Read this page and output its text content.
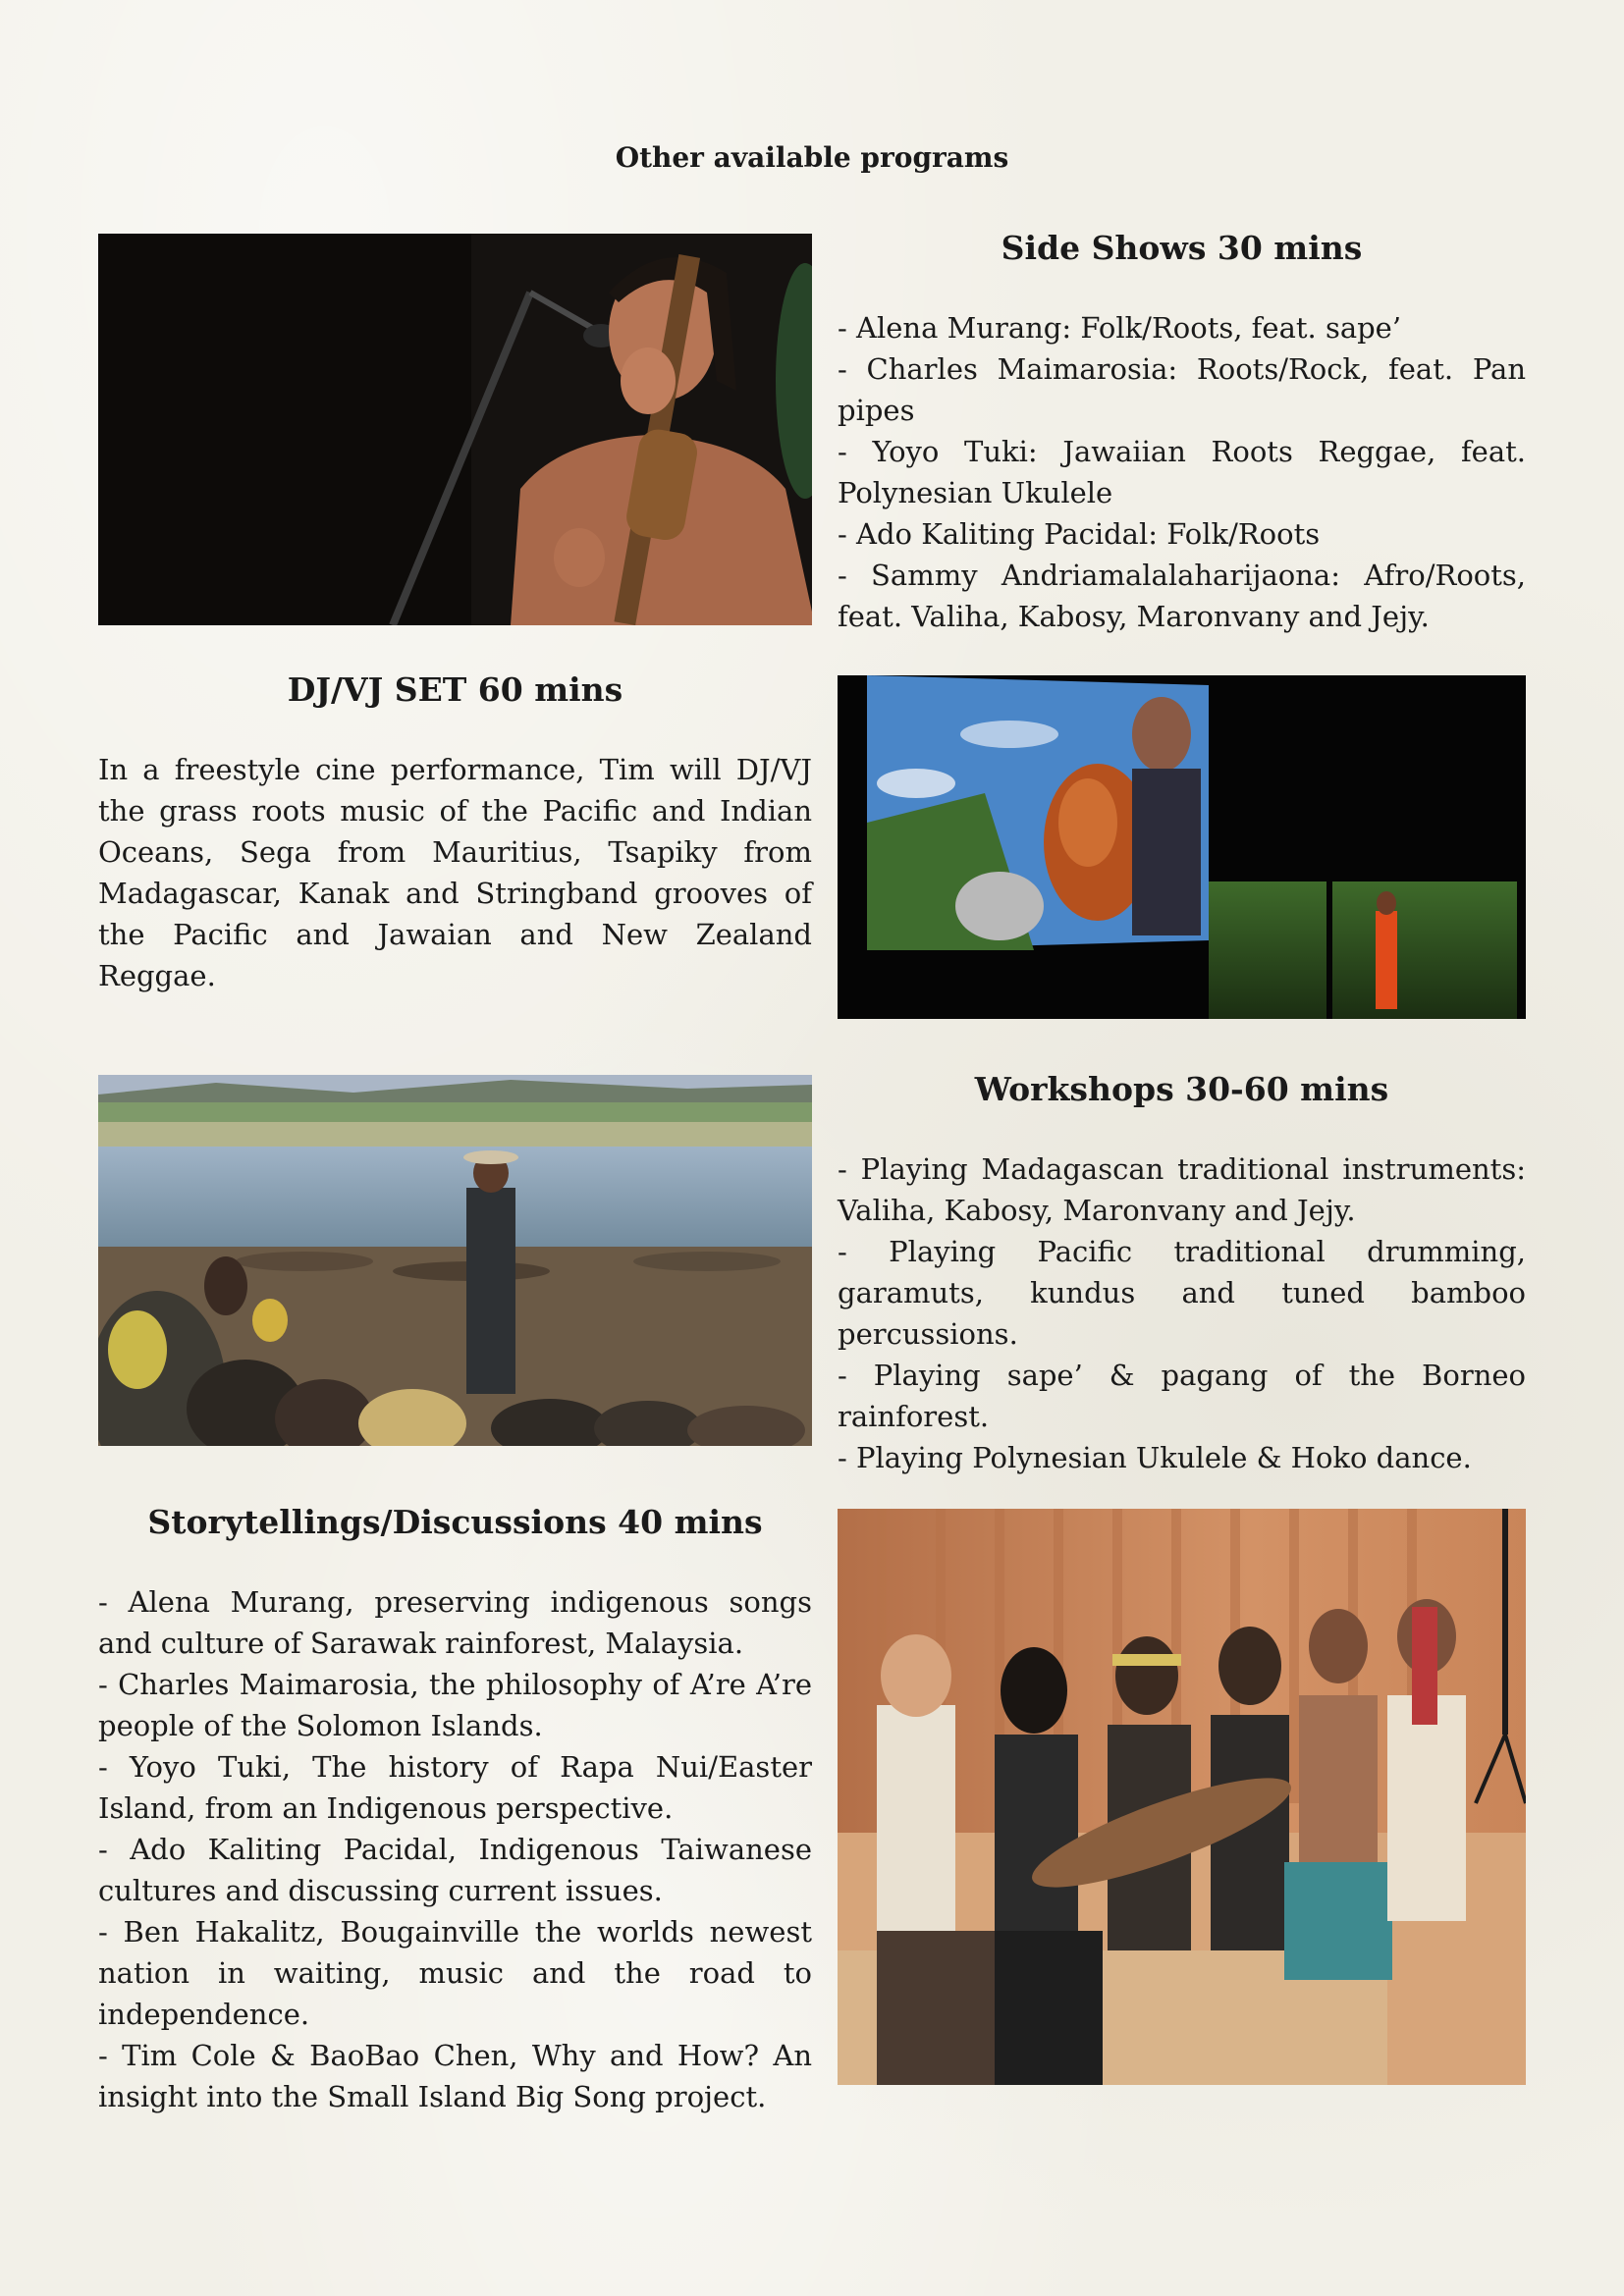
Other available programs
Side Shows 30 mins
- Alena Murang: Folk/Roots, feat. sape’
- Charles Maimarosia: Roots/Rock, feat. Pan pipes
- Yoyo Tuki: Jawaiian Roots Reggae, feat. Polynesian Ukulele
- Ado Kaliting Pacidal: Folk/Roots
- Sammy Andriamalalaharijaona: Afro/Roots, feat. Valiha, Kabosy, Maronvany and Jejy.
DJ/VJ SET 60 mins
In a freestyle cine performance, Tim will DJ/VJ the grass roots music of the Pacific and Indian Oceans, Sega from Mauritius, Tsapiky from Madagascar, Kanak and Stringband grooves of the Pacific and Jawaian and New Zealand Reggae.
Workshops 30-60 mins
- Playing Madagascan traditional instruments: Valiha, Kabosy, Maronvany and Jejy.
- Playing Pacific traditional drumming, garamuts, kundus and tuned bamboo percussions.
- Playing sape’ & pagang of the Borneo rainforest.
- Playing Polynesian Ukulele & Hoko dance.
Storytellings/Discussions 40 mins
- Alena Murang, preserving indigenous songs and culture of Sarawak rainforest, Malaysia.
- Charles Maimarosia, the philosophy of A’re A’re people of the Solomon Islands.
- Yoyo Tuki, The history of Rapa Nui/Easter Island, from an Indigenous perspective.
- Ado Kaliting Pacidal, Indigenous Taiwanese cultures and discussing current issues.
- Ben Hakalitz, Bougainville the worlds newest nation in waiting, music and the road to independence.
- Tim Cole & BaoBao Chen, Why and How? An insight into the Small Island Big Song project.
